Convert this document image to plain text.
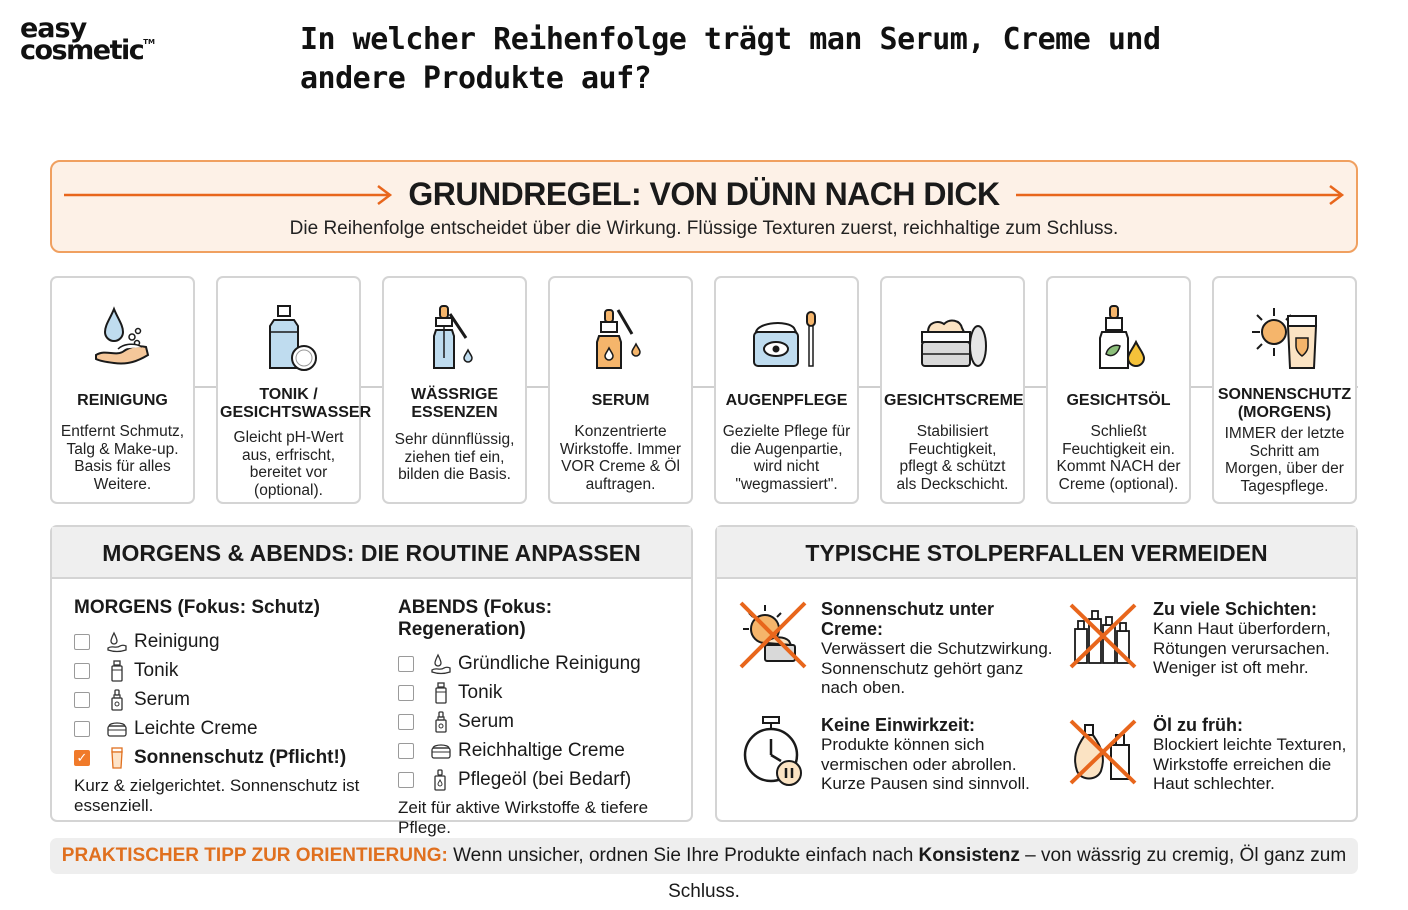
easy
cosmetic™	In welcher Reihenfolge trägt man Serum, Creme und andere Produkte auf?
GRUNDREGEL: VON DÜNN NACH DICK
Die Reihenfolge entscheidet über die Wirkung. Flüssige Texturen zuerst, reichhaltige zum Schluss.
REINIGUNG
Entfernt Schmutz, Talg & Make-up. Basis für alles Weitere.
TONIK / GESICHTSWASSER
Gleicht pH-Wert aus, erfrischt, bereitet vor (optional).
WÄSSRIGE ESSENZEN
Sehr dünnflüssig, ziehen tief ein, bilden die Basis.
SERUM
Konzentrierte Wirkstoffe. Immer VOR Creme & Öl auftragen.
AUGENPFLEGE
Gezielte Pflege für die Augenpartie, wird nicht "wegmassiert".
GESICHTSCREME
Stabilisiert Feuchtigkeit, pflegt & schützt als Deckschicht.
GESICHTSÖL
Schließt Feuchtigkeit ein. Kommt NACH der Creme (optional).
SONNENSCHUTZ (MORGENS)
IMMER der letzte Schritt am Morgen, über der Tagespflege.
MORGENS & ABENDS: DIE ROUTINE ANPASSEN
MORGENS (Fokus: Schutz)
Reinigung
Tonik
Serum
Leichte Creme
✓ Sonnenschutz (Pflicht!)
Kurz & zielgerichtet. Sonnenschutz ist essenziell.
ABENDS (Fokus: Regeneration)
Gründliche Reinigung
Tonik
Serum
Reichhaltige Creme
Pflegeöl (bei Bedarf)
Zeit für aktive Wirkstoffe & tiefere Pflege.
TYPISCHE STOLPERFALLEN VERMEIDEN
Sonnenschutz unter Creme:
Verwässert die Schutzwirkung. Sonnenschutz gehört ganz nach oben.
Zu viele Schichten:
Kann Haut überfordern, Rötungen verursachen. Weniger ist oft mehr.
Keine Einwirkzeit:
Produkte können sich vermischen oder abrollen. Kurze Pausen sind sinnvoll.
Öl zu früh:
Blockiert leichte Texturen, Wirkstoffe erreichen die Haut schlechter.
PRAKTISCHER TIPP ZUR ORIENTIERUNG: Wenn unsicher, ordnen Sie Ihre Produkte einfach nach Konsistenz – von wässrig zu cremig, Öl ganz zum Schluss.
